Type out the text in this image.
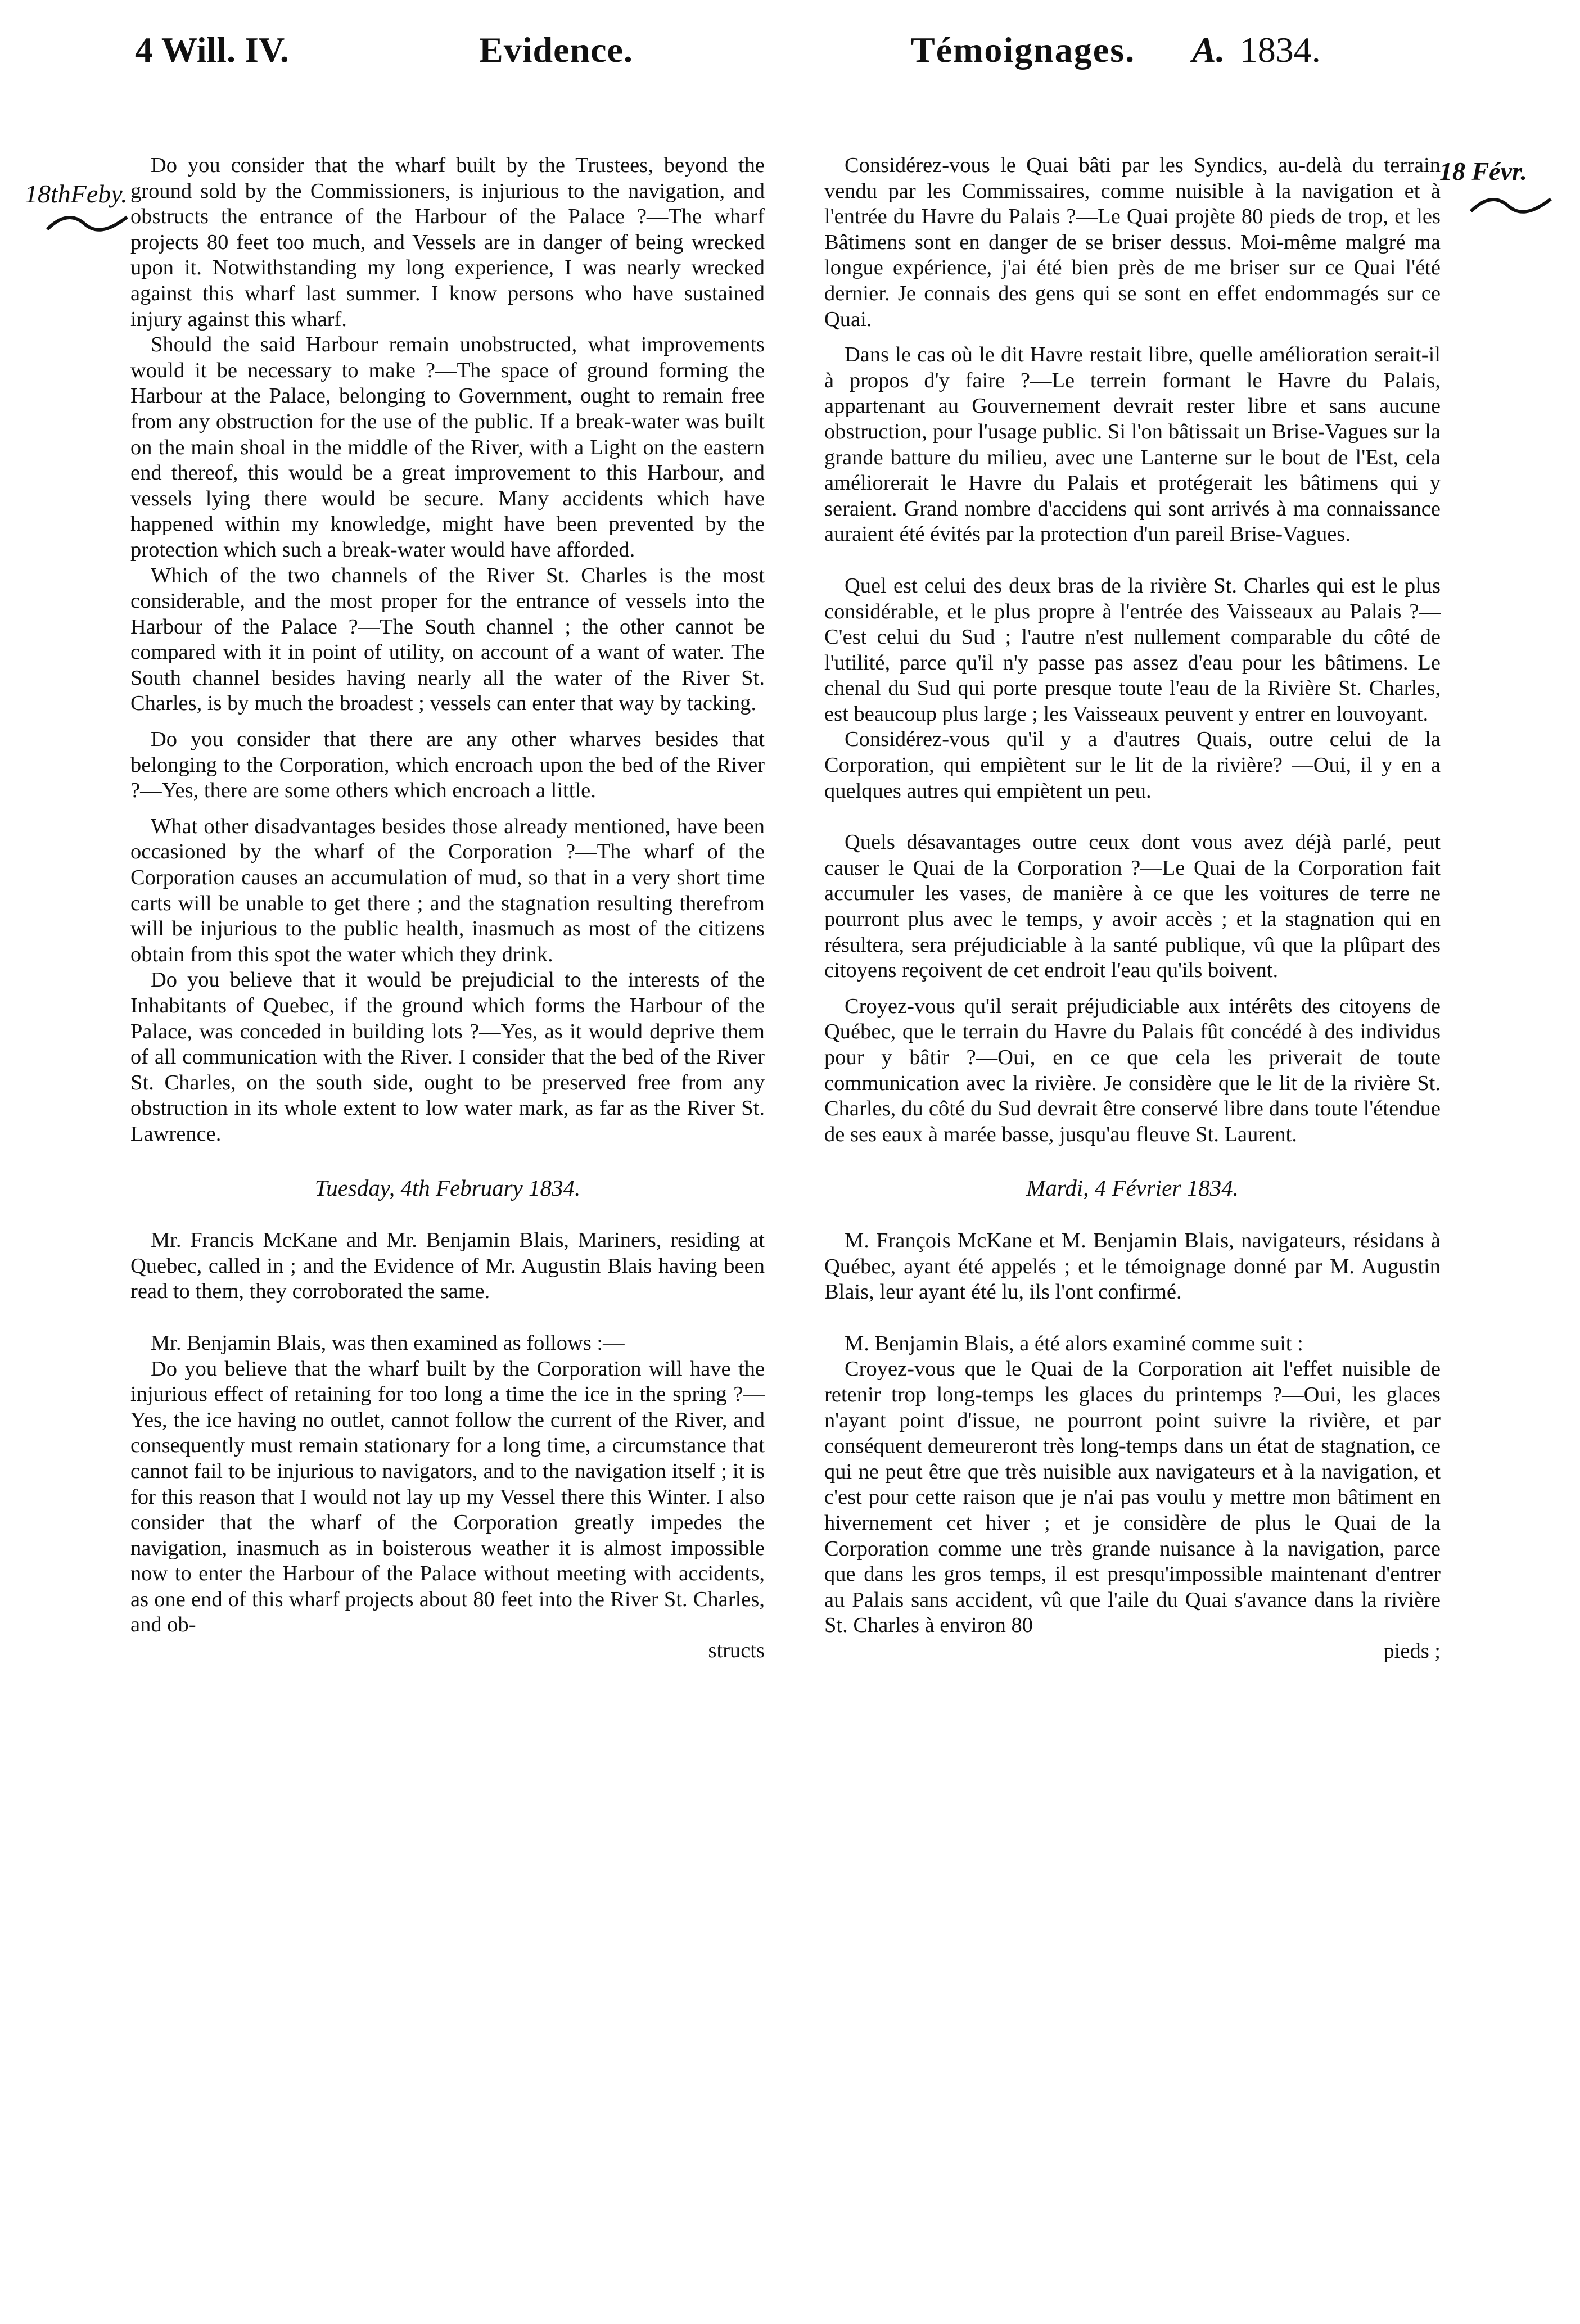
4 Will. IV.	Evidence.	Témoignages. A. 1834.
18thFeby.
18 Févr.

Do you consider that the wharf built by the Trustees, beyond the ground sold by the Commissioners, is injurious to the navigation, and obstructs the entrance of the Harbour of the Palace ?—The wharf projects 80 feet too much, and Vessels are in danger of being wrecked upon it. Notwithstanding my long experience, I was nearly wrecked against this wharf last summer. I know persons who have sustained injury against this wharf.

Should the said Harbour remain unobstructed, what improvements would it be necessary to make ?—The space of ground forming the Harbour at the Palace, belonging to Government, ought to remain free from any obstruction for the use of the public. If a break-water was built on the main shoal in the middle of the River, with a Light on the eastern end thereof, this would be a great improvement to this Harbour, and vessels lying there would be secure. Many accidents which have happened within my knowledge, might have been prevented by the protection which such a break-water would have afforded.

Which of the two channels of the River St. Charles is the most considerable, and the most proper for the entrance of vessels into the Harbour of the Palace ?—The South channel ; the other cannot be compared with it in point of utility, on account of a want of water. The South channel besides having nearly all the water of the River St. Charles, is by much the broadest ; vessels can enter that way by tacking.

Do you consider that there are any other wharves besides that belonging to the Corporation, which encroach upon the bed of the River ?—Yes, there are some others which encroach a little.

What other disadvantages besides those already mentioned, have been occasioned by the wharf of the Corporation ?—The wharf of the Corporation causes an accumulation of mud, so that in a very short time carts will be unable to get there ; and the stagnation resulting therefrom will be injurious to the public health, inasmuch as most of the citizens obtain from this spot the water which they drink.

Do you believe that it would be prejudicial to the interests of the Inhabitants of Quebec, if the ground which forms the Harbour of the Palace, was conceded in building lots ?—Yes, as it would deprive them of all communication with the River. I consider that the bed of the River St. Charles, on the south side, ought to be preserved free from any obstruction in its whole extent to low water mark, as far as the River St. Lawrence.

Tuesday, 4th February 1834.

Mr. Francis McKane and Mr. Benjamin Blais, Mariners, residing at Quebec, called in ; and the Evidence of Mr. Augustin Blais having been read to them, they corroborated the same.

Mr. Benjamin Blais, was then examined as follows :—

Do you believe that the wharf built by the Corporation will have the injurious effect of retaining for too long a time the ice in the spring ?—Yes, the ice having no outlet, cannot follow the current of the River, and consequently must remain stationary for a long time, a circumstance that cannot fail to be injurious to navigators, and to the navigation itself ; it is for this reason that I would not lay up my Vessel there this Winter. I also consider that the wharf of the Corporation greatly impedes the navigation, inasmuch as in boisterous weather it is almost impossible now to enter the Harbour of the Palace without meeting with accidents, as one end of this wharf projects about 80 feet into the River St. Charles, and ob-

structs

Considérez-vous le Quai bâti par les Syndics, au-delà du terrain vendu par les Commissaires, comme nuisible à la navigation et à l'entrée du Havre du Palais ?—Le Quai projète 80 pieds de trop, et les Bâtimens sont en danger de se briser dessus. Moi-même malgré ma longue expérience, j'ai été bien près de me briser sur ce Quai l'été dernier. Je connais des gens qui se sont en effet endommagés sur ce Quai.

Dans le cas où le dit Havre restait libre, quelle amélioration serait-il à propos d'y faire ?—Le terrein formant le Havre du Palais, appartenant au Gouvernement devrait rester libre et sans aucune obstruction, pour l'usage public. Si l'on bâtissait un Brise-Vagues sur la grande batture du milieu, avec une Lanterne sur le bout de l'Est, cela améliorerait le Havre du Palais et protégerait les bâtimens qui y seraient. Grand nombre d'accidens qui sont arrivés à ma connaissance auraient été évités par la protection d'un pareil Brise-Vagues.

Quel est celui des deux bras de la rivière St. Charles qui est le plus considérable, et le plus propre à l'entrée des Vaisseaux au Palais ?—C'est celui du Sud ; l'autre n'est nullement comparable du côté de l'utilité, parce qu'il n'y passe pas assez d'eau pour les bâtimens. Le chenal du Sud qui porte presque toute l'eau de la Rivière St. Charles, est beaucoup plus large ; les Vaisseaux peuvent y entrer en louvoyant.

Considérez-vous qu'il y a d'autres Quais, outre celui de la Corporation, qui empiètent sur le lit de la rivière? —Oui, il y en a quelques autres qui empiètent un peu.

Quels désavantages outre ceux dont vous avez déjà parlé, peut causer le Quai de la Corporation ?—Le Quai de la Corporation fait accumuler les vases, de manière à ce que les voitures de terre ne pourront plus avec le temps, y avoir accès ; et la stagnation qui en résultera, sera préjudiciable à la santé publique, vû que la plûpart des citoyens reçoivent de cet endroit l'eau qu'ils boivent.

Croyez-vous qu'il serait préjudiciable aux intérêts des citoyens de Québec, que le terrain du Havre du Palais fût concédé à des individus pour y bâtir ?—Oui, en ce que cela les priverait de toute communication avec la rivière. Je considère que le lit de la rivière St. Charles, du côté du Sud devrait être conservé libre dans toute l'étendue de ses eaux à marée basse, jusqu'au fleuve St. Laurent.

Mardi, 4 Février 1834.

M. François McKane et M. Benjamin Blais, navigateurs, résidans à Québec, ayant été appelés ; et le témoignage donné par M. Augustin Blais, leur ayant été lu, ils l'ont confirmé.

M. Benjamin Blais, a été alors examiné comme suit :

Croyez-vous que le Quai de la Corporation ait l'effet nuisible de retenir trop long-temps les glaces du printemps ?—Oui, les glaces n'ayant point d'issue, ne pourront point suivre la rivière, et par conséquent demeureront très long-temps dans un état de stagnation, ce qui ne peut être que très nuisible aux navigateurs et à la navigation, et c'est pour cette raison que je n'ai pas voulu y mettre mon bâtiment en hivernement cet hiver ; et je considère de plus le Quai de la Corporation comme une très grande nuisance à la navigation, parce que dans les gros temps, il est presqu'impossible maintenant d'entrer au Palais sans accident, vû que l'aile du Quai s'avance dans la rivière St. Charles à environ 80

pieds ;
